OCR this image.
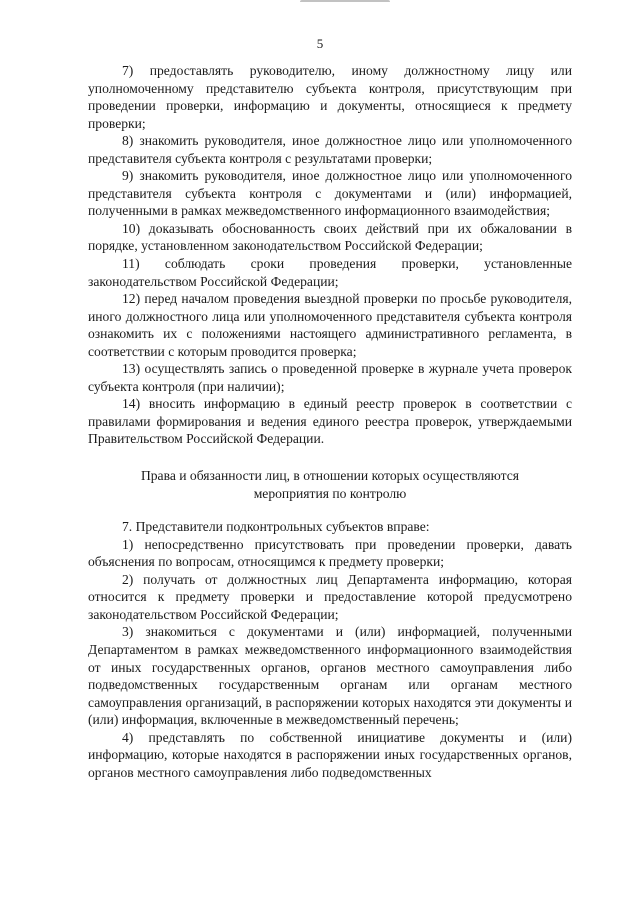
5

7) предоставлять руководителю, иному должностному лицу или уполномоченному представителю субъекта контроля, присутствующим при проведении проверки, информацию и документы, относящиеся к предмету проверки;

8) знакомить руководителя, иное должностное лицо или уполномоченного представителя субъекта контроля с результатами проверки;

9) знакомить руководителя, иное должностное лицо или уполномоченного представителя субъекта контроля с документами и (или) информацией, полученными в рамках межведомственного информационного взаимодействия;

10) доказывать обоснованность своих действий при их обжаловании в порядке, установленном законодательством Российской Федерации;

11) соблюдать сроки проведения проверки, установленные законодательством Российской Федерации;

12) перед началом проведения выездной проверки по просьбе руководителя, иного должностного лица или уполномоченного представителя субъекта контроля ознакомить их с положениями настоящего административного регламента, в соответствии с которым проводится проверка;

13) осуществлять запись о проведенной проверке в журнале учета проверок субъекта контроля (при наличии);

14) вносить информацию в единый реестр проверок в соответствии с правилами формирования и ведения единого реестра проверок, утверждаемыми Правительством Российской Федерации.

Права и обязанности лиц, в отношении которых осуществляются мероприятия по контролю

7. Представители подконтрольных субъектов вправе:

1) непосредственно присутствовать при проведении проверки, давать объяснения по вопросам, относящимся к предмету проверки;

2) получать от должностных лиц Департамента информацию, которая относится к предмету проверки и предоставление которой предусмотрено законодательством Российской Федерации;

3) знакомиться с документами и (или) информацией, полученными Департаментом в рамках межведомственного информационного взаимодействия от иных государственных органов, органов местного самоуправления либо подведомственных государственным органам или органам местного самоуправления организаций, в распоряжении которых находятся эти документы и (или) информация, включенные в межведомственный перечень;

4) представлять по собственной инициативе документы и (или) информацию, которые находятся в распоряжении иных государственных органов, органов местного самоуправления либо подведомственных
